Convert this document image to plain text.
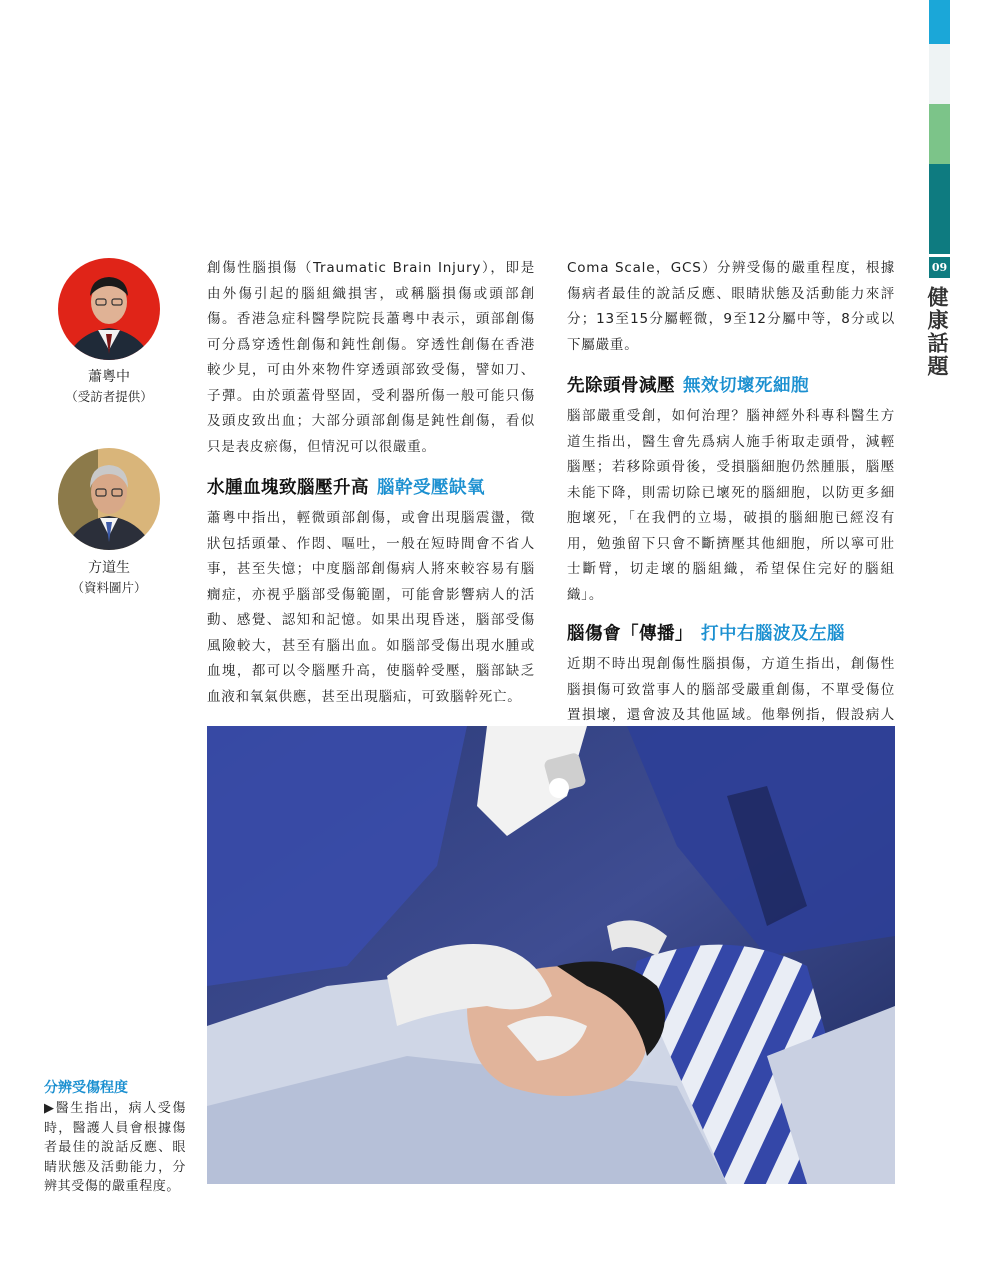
09
健康話題
蕭粵中
（受訪者提供）
方道生
（資料圖片）

創傷性腦損傷（Traumatic Brain Injury），即是由外傷引起的腦組織損害，或稱腦損傷或頭部創傷。香港急症科醫學院院長蕭粵中表示，頭部創傷可分爲穿透性創傷和鈍性創傷。穿透性創傷在香港較少見，可由外來物件穿透頭部致受傷，譬如刀、子彈。由於頭蓋骨堅固，受利器所傷一般可能只傷及頭皮致出血；大部分頭部創傷是鈍性創傷，看似只是表皮瘀傷，但情況可以很嚴重。

水腫血塊致腦壓升高 腦幹受壓缺氧

蕭粵中指出，輕微頭部創傷，或會出現腦震盪，徵狀包括頭暈、作悶、嘔吐，一般在短時間會不省人事，甚至失憶；中度腦部創傷病人將來較容易有腦癇症，亦視乎腦部受傷範圍，可能會影響病人的活動、感覺、認知和記憶。如果出現昏迷，腦部受傷風險較大，甚至有腦出血。如腦部受傷出現水腫或血塊，都可以令腦壓升高，使腦幹受壓，腦部缺乏血液和氧氣供應，甚至出現腦疝，可致腦幹死亡。

Coma Scale，GCS）分辨受傷的嚴重程度，根據傷病者最佳的說話反應、眼睛狀態及活動能力來評分；13至15分屬輕微，9至12分屬中等，8分或以下屬嚴重。

先除頭骨減壓 無效切壞死細胞

腦部嚴重受創，如何治理？腦神經外科專科醫生方道生指出，醫生會先爲病人施手術取走頭骨，減輕腦壓；若移除頭骨後，受損腦細胞仍然腫脹，腦壓未能下降，則需切除已壞死的腦細胞，以防更多細胞壞死，「在我們的立場，破損的腦細胞已經沒有用，勉強留下只會不斷擠壓其他細胞，所以寧可壯士斷臂，切走壞的腦組織，希望保住完好的腦組織」。

腦傷會「傳播」 打中右腦波及左腦

近期不時出現創傷性腦損傷，方道生指出，創傷性腦損傷可致當事人的腦部受嚴重創傷，不單受傷位置損壞，還會波及其他區域。他舉例指，假設病人

分辨受傷程度
▶醫生指出，病人受傷時，醫護人員會根據傷者最佳的說話反應、眼睛狀態及活動能力，分辨其受傷的嚴重程度。
